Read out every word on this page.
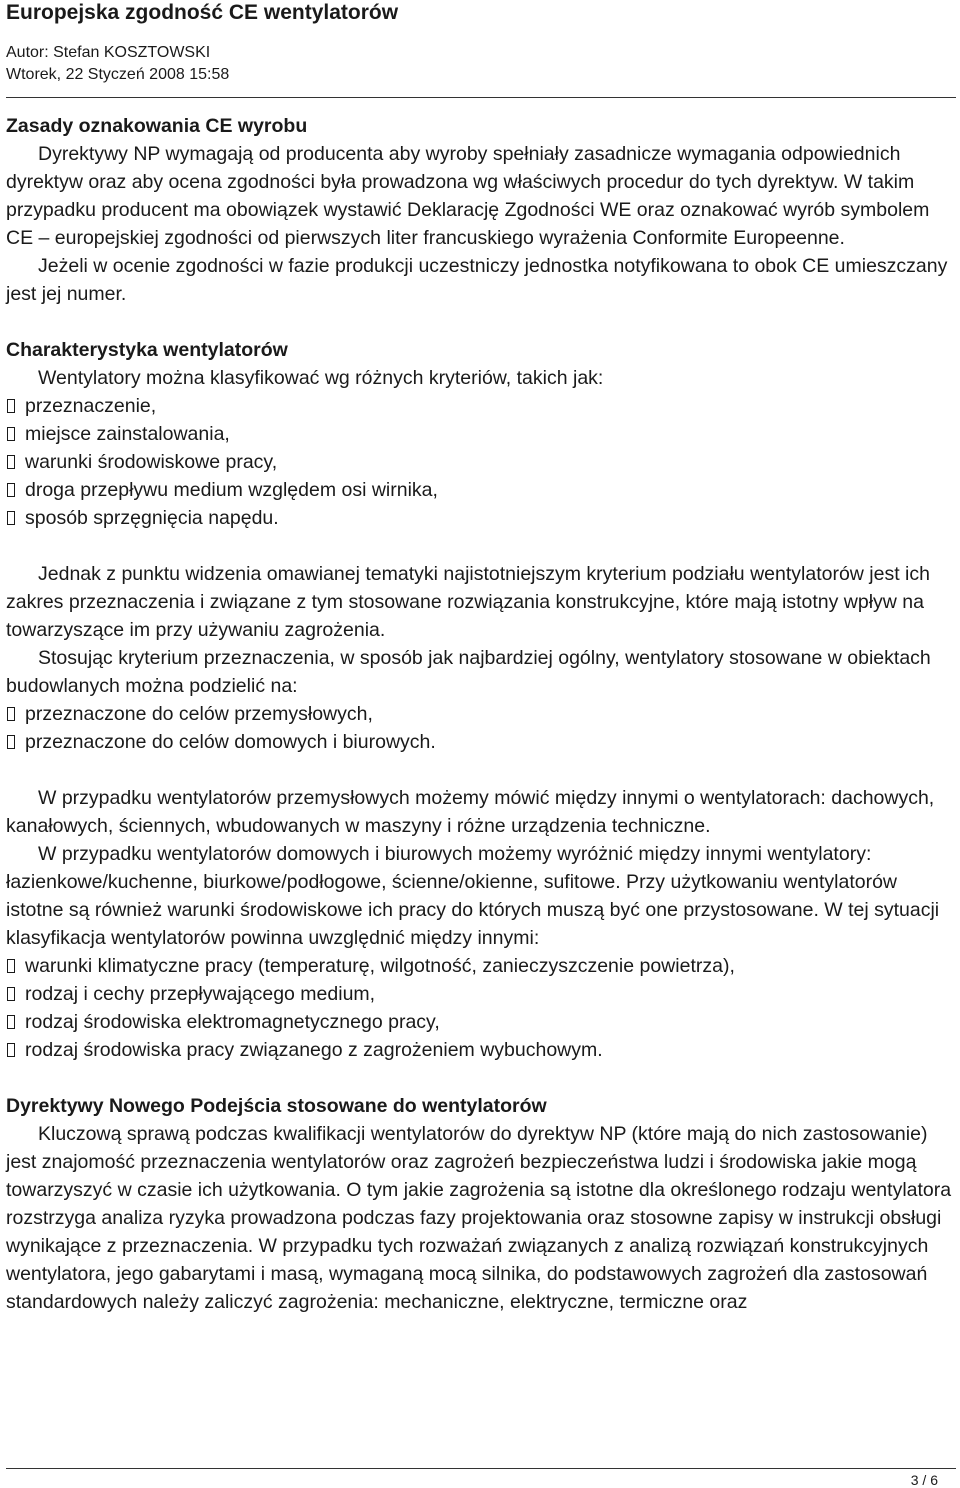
Europejska zgodność CE wentylatorów
Autor: Stefan KOSZTOWSKI
Wtorek, 22 Styczeń 2008 15:58
Zasady oznakowania CE wyrobu

Dyrektywy NP wymagają od producenta aby wyroby spełniały zasadnicze wymagania odpowiednich dyrektyw oraz aby ocena zgodności była prowadzona wg właściwych procedur do tych dyrektyw. W takim przypadku producent ma obowiązek wystawić Deklarację Zgodności WE oraz oznakować wyrób symbolem CE – europejskiej zgodności od pierwszych liter francuskiego wyrażenia Conformite Europeenne.

Jeżeli w ocenie zgodności w fazie produkcji uczestniczy jednostka notyfikowana to obok CE umieszczany jest jej numer.

Charakterystyka wentylatorów

Wentylatory można klasyfikować wg różnych kryteriów, takich jak:

przeznaczenie,
miejsce zainstalowania,
warunki środowiskowe pracy,
droga przepływu medium względem osi wirnika,
sposób sprzęgnięcia napędu.

Jednak z punktu widzenia omawianej tematyki najistotniejszym kryterium podziału wentylatorów jest ich zakres przeznaczenia i związane z tym stosowane rozwiązania konstrukcyjne, które mają istotny wpływ na towarzyszące im przy używaniu zagrożenia.

Stosując kryterium przeznaczenia, w sposób jak najbardziej ogólny, wentylatory stosowane w obiektach budowlanych można podzielić na:

przeznaczone do celów przemysłowych,
przeznaczone do celów domowych i biurowych.

W przypadku wentylatorów przemysłowych możemy mówić między innymi o wentylatorach: dachowych, kanałowych, ściennych, wbudowanych w maszyny i różne urządzenia techniczne.

W przypadku wentylatorów domowych i biurowych możemy wyróżnić między innymi wentylatory: łazienkowe/kuchenne, biurkowe/podłogowe, ścienne/okienne, sufitowe. Przy użytkowaniu wentylatorów istotne są również warunki środowiskowe ich pracy do których muszą być one przystosowane. W tej sytuacji klasyfikacja wentylatorów powinna uwzględnić między innymi:

warunki klimatyczne pracy (temperaturę, wilgotność, zanieczyszczenie powietrza),
rodzaj i cechy przepływającego medium,
rodzaj środowiska elektromagnetycznego pracy,
rodzaj środowiska pracy związanego z zagrożeniem wybuchowym.
Dyrektywy Nowego Podejścia stosowane do wentylatorów

Kluczową sprawą podczas kwalifikacji wentylatorów do dyrektyw NP (które mają do nich zastosowanie) jest znajomość przeznaczenia wentylatorów oraz zagrożeń bezpieczeństwa ludzi i środowiska jakie mogą towarzyszyć w czasie ich użytkowania. O tym jakie zagrożenia są istotne dla określonego rodzaju wentylatora rozstrzyga analiza ryzyka prowadzona podczas fazy projektowania oraz stosowne zapisy w instrukcji obsługi wynikające z przeznaczenia. W przypadku tych rozważań związanych z analizą rozwiązań konstrukcyjnych wentylatora, jego gabarytami i masą, wymaganą mocą silnika, do podstawowych zagrożeń dla zastosowań standardowych należy zaliczyć zagrożenia: mechaniczne, elektryczne, termiczne oraz

3 / 6
